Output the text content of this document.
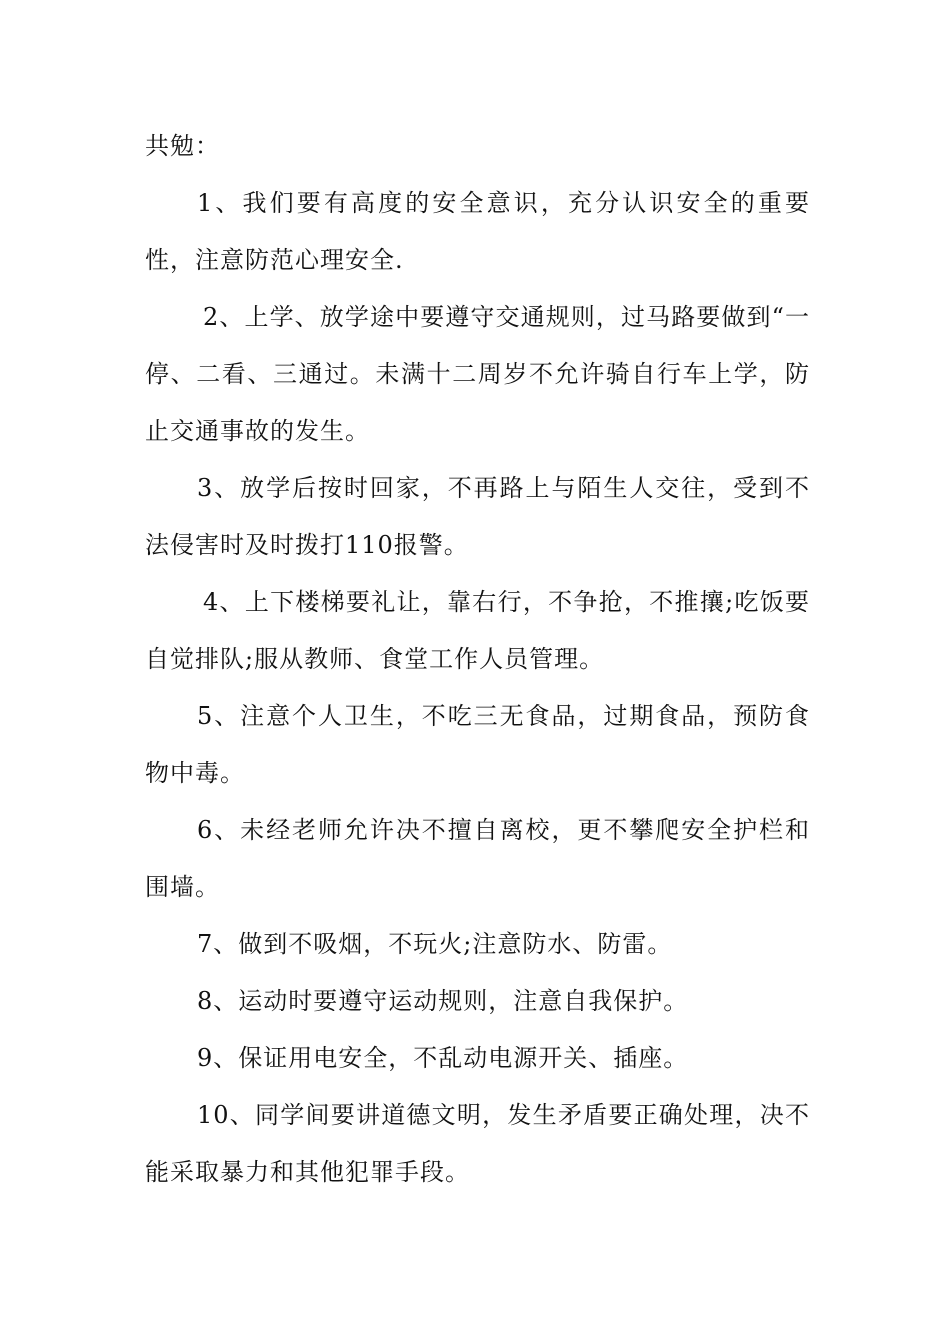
共勉：

1、我们要有高度的安全意识，充分认识安全的重要性，注意防范心理安全.

2、上学、放学途中要遵守交通规则，过马路要做到“一停、二看、三通过。未满十二周岁不允许骑自行车上学，防止交通事故的发生。

3、放学后按时回家，不再路上与陌生人交往，受到不法侵害时及时拨打110报警。

4、上下楼梯要礼让，靠右行，不争抢，不推攘;吃饭要自觉排队;服从教师、食堂工作人员管理。

5、注意个人卫生，不吃三无食品，过期食品，预防食物中毒。

6、未经老师允许决不擅自离校，更不攀爬安全护栏和围墙。

7、做到不吸烟，不玩火;注意防水、防雷。

8、运动时要遵守运动规则，注意自我保护。

9、保证用电安全，不乱动电源开关、插座。

10、同学间要讲道德文明，发生矛盾要正确处理，决不能采取暴力和其他犯罪手段。
